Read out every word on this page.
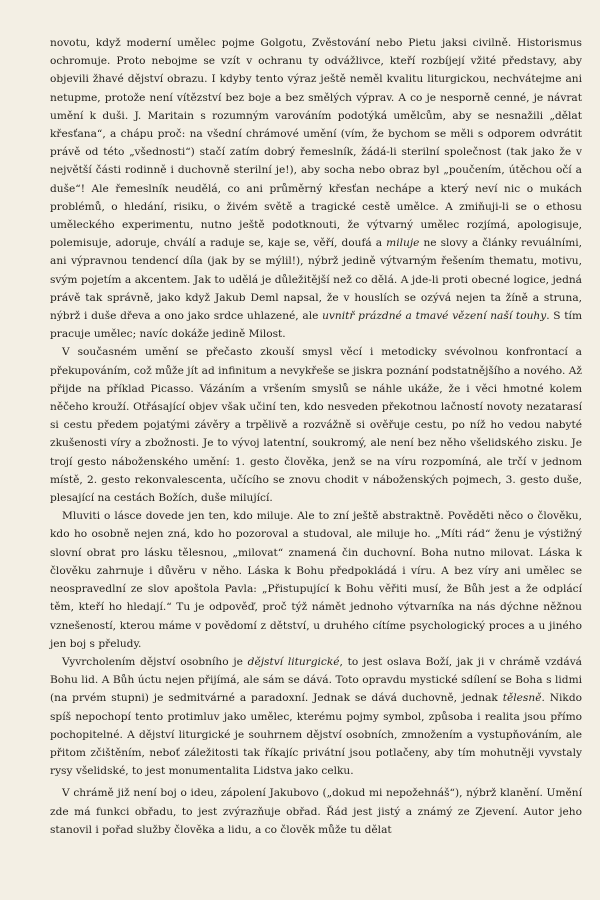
novotu, když moderní umělec pojme Golgotu, Zvěstování nebo Pietu jaksi civilně. Historismus ochromuje. Proto nebojme se vzít v ochranu ty odvážlivce, kteří rozbíjejí vžité představy, aby objevili žhavé dějství obrazu. I kdyby tento výraz ještě neměl kvalitu liturgickou, nechvátejme ani netupme, protože není vítězství bez boje a bez smělých výprav. A co je nesporně cenné, je návrat umění k duši. J. Maritain s rozumným varováním podotýká umělcům, aby se nesnažili „dělat křesťana“, a chápu proč: na všední chrámové umění (vím, že bychom se měli s odporem odvrátit právě od této „všednosti“) stačí zatím dobrý řemeslník, žádá-li sterilní společnost (tak jako že v největší části rodinně i duchovně sterilní je!), aby socha nebo obraz byl „poučením, útěchou očí a duše“! Ale řemeslník neudělá, co ani průměrný křesťan nechápe a který neví nic o mukách problémů, o hledání, risiku, o živém světě a tragické cestě umělce. A zmiňuji-li se o ethosu uměleckého experimentu, nutno ještě podotknouti, že výtvarný umělec rozjímá, apologisuje, polemisuje, adoruje, chválí a raduje se, kaje se, věří, doufá a miluje ne slovy a články revuálními, ani výpravnou tendencí díla (jak by se mýlil!), nýbrž jedině výtvarným řešením thematu, motivu, svým pojetím a akcentem. Jak to udělá je důležitější než co dělá. A jde-li proti obecné logice, jedná právě tak správně, jako když Jakub Deml napsal, že v houslích se ozývá nejen ta žíně a struna, nýbrž i duše dřeva a ono jako srdce uhlazené, ale uvnitř prázdné a tmavé vězení naší touhy. S tím pracuje umělec; navíc dokáže jedině Milost.

V současném umění se přečasto zkouší smysl věcí i metodicky svévolnou konfrontací a překupováním, což může jít ad infinitum a nevykřeše se jiskra poznání podstatnějšího a nového. Až přijde na příklad Picasso. Vázáním a vršením smyslů se náhle ukáže, že i věci hmotné kolem něčeho krouží. Otřásající objev však učiní ten, kdo nesveden překotnou lačností novoty nezatarasí si cestu předem pojatými závěry a trpělivě a rozvážně si ověřuje cestu, po níž ho vedou nabyté zkušenosti víry a zbožnosti. Je to vývoj latentní, soukromý, ale není bez něho všelidského zisku. Je trojí gesto náboženského umění: 1. gesto člověka, jenž se na víru rozpomíná, ale trčí v jednom místě, 2. gesto rekonvalescenta, učícího se znovu chodit v náboženských pojmech, 3. gesto duše, plesající na cestách Božích, duše milující.

Mluviti o lásce dovede jen ten, kdo miluje. Ale to zní ještě abstraktně. Pověděti něco o člověku, kdo ho osobně nejen zná, kdo ho pozoroval a studoval, ale miluje ho. „Míti rád“ ženu je výstižný slovní obrat pro lásku tělesnou, „milovat“ znamená čin duchovní. Boha nutno milovat. Láska k člověku zahrnuje i důvěru v něho. Láska k Bohu předpokládá i víru. A bez víry ani umělec se neospravedlní ze slov apoštola Pavla: „Přistupující k Bohu věřiti musí, že Bůh jest a že odplácí těm, kteří ho hledají.“ Tu je odpověď, proč týž námět jednoho výtvarníka na nás dýchne něžnou vznešeností, kterou máme v povědomí z dětství, u druhého cítíme psychologický proces a u jiného jen boj s přeludy.

Vyvrcholením dějství osobního je dějství liturgické, to jest oslava Boží, jak ji v chrámě vzdává Bohu lid. A Bůh úctu nejen přijímá, ale sám se dává. Toto opravdu mystické sdílení se Boha s lidmi (na prvém stupni) je sedmitvárné a paradoxní. Jednak se dává duchovně, jednak tělesně. Nikdo spíš nepochopí tento protimluv jako umělec, kterému pojmy symbol, způsoba i realita jsou přímo pochopitelné. A dějství liturgické je souhrnem dějství osobních, zmnožením a vystupňováním, ale přitom zčištěním, neboť záležitosti tak říkajíc privátní jsou potlačeny, aby tím mohutněji vyvstaly rysy všelidské, to jest monumentalita Lidstva jako celku.

V chrámě již není boj o ideu, zápolení Jakubovo („dokud mi nepožehnáš“), nýbrž klanění. Umění zde má funkci obřadu, to jest zvýrazňuje obřad. Řád jest jistý a známý ze Zjevení. Autor jeho stanovil i pořad služby člověka a lidu, a co člověk může tu dělat
